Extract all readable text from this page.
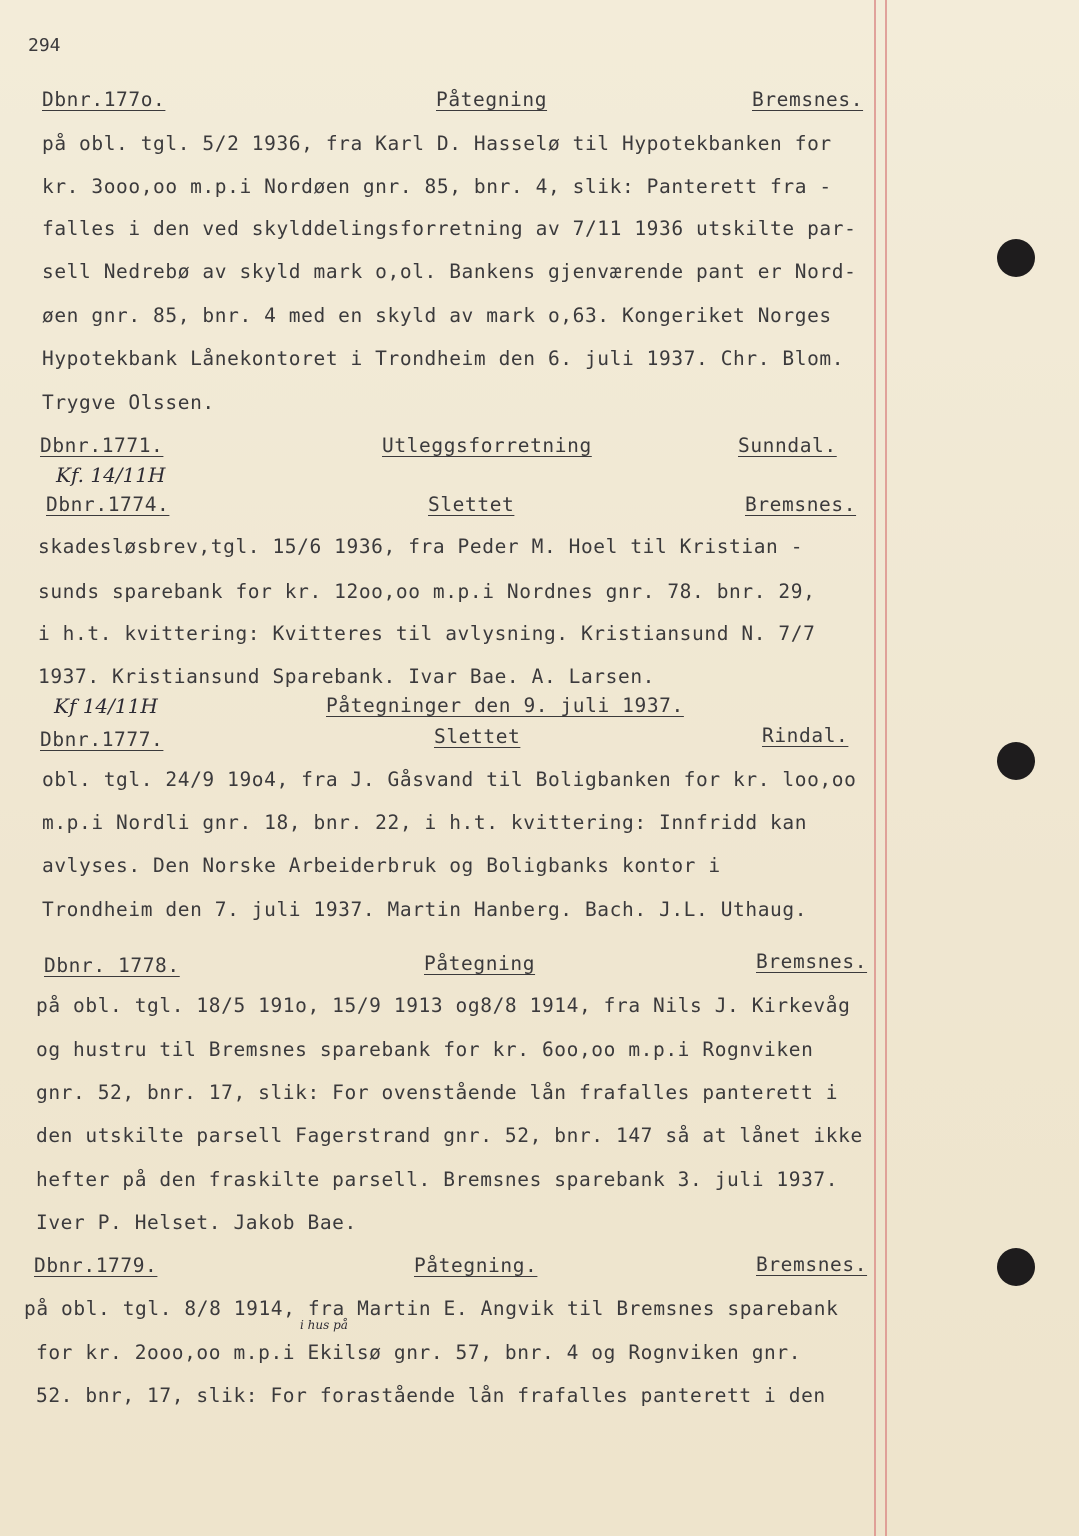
294
Dbnr.177o.	Påtegning	Bremsnes.
på obl. tgl. 5/2 1936, fra Karl D. Hasselø til Hypotekbanken for
kr. 3ooo,oo m.p.i Nordøen gnr. 85, bnr. 4, slik: Panterett fra -
falles i den ved skylddelingsforretning av 7/11 1936 utskilte par-
sell Nedrebø av skyld mark o,ol. Bankens gjenværende pant er Nord-
øen gnr. 85, bnr. 4 med en skyld av mark o,63. Kongeriket Norges
Hypotekbank Lånekontoret i Trondheim den 6. juli 1937. Chr. Blom.
Trygve Olssen.
Dbnr.1771.	Utleggsforretning	Sunndal.
Kf. 14/11H
Dbnr.1774.	Slettet	Bremsnes.
skadesløsbrev,tgl. 15/6 1936, fra Peder M. Hoel til Kristian -
sunds sparebank for kr. 12oo,oo m.p.i Nordnes gnr. 78. bnr. 29,
i h.t. kvittering: Kvitteres til avlysning. Kristiansund N. 7/7
1937. Kristiansund Sparebank. Ivar Bae. A. Larsen.
Kf 14/11H	Påtegninger den 9. juli 1937.
Dbnr.1777.	Slettet	Rindal.
obl. tgl. 24/9 19o4, fra J. Gåsvand til Boligbanken for kr. loo,oo
m.p.i Nordli gnr. 18, bnr. 22, i h.t. kvittering: Innfridd kan
avlyses. Den Norske Arbeiderbruk og Boligbanks kontor i
Trondheim den 7. juli 1937. Martin Hanberg. Bach. J.L. Uthaug.
Dbnr. 1778.	Påtegning	Bremsnes.
på obl. tgl. 18/5 191o, 15/9 1913 og8/8 1914, fra Nils J. Kirkevåg
og hustru til Bremsnes sparebank for kr. 6oo,oo m.p.i Rognviken
gnr. 52, bnr. 17, slik: For ovenstående lån frafalles panterett i
den utskilte parsell Fagerstrand gnr. 52, bnr. 147 så at lånet ikke
hefter på den fraskilte parsell. Bremsnes sparebank 3. juli 1937.
Iver P. Helset. Jakob Bae.
Dbnr.1779.	Påtegning.	Bremsnes.
på obl. tgl. 8/8 1914, fra Martin E. Angvik til Bremsnes sparebank
for kr. 2ooo,oo m.p.i Ekilsø gnr. 57, bnr. 4 og Rognviken gnr.
i hus på
52. bnr, 17, slik: For forastående lån frafalles panterett i den
